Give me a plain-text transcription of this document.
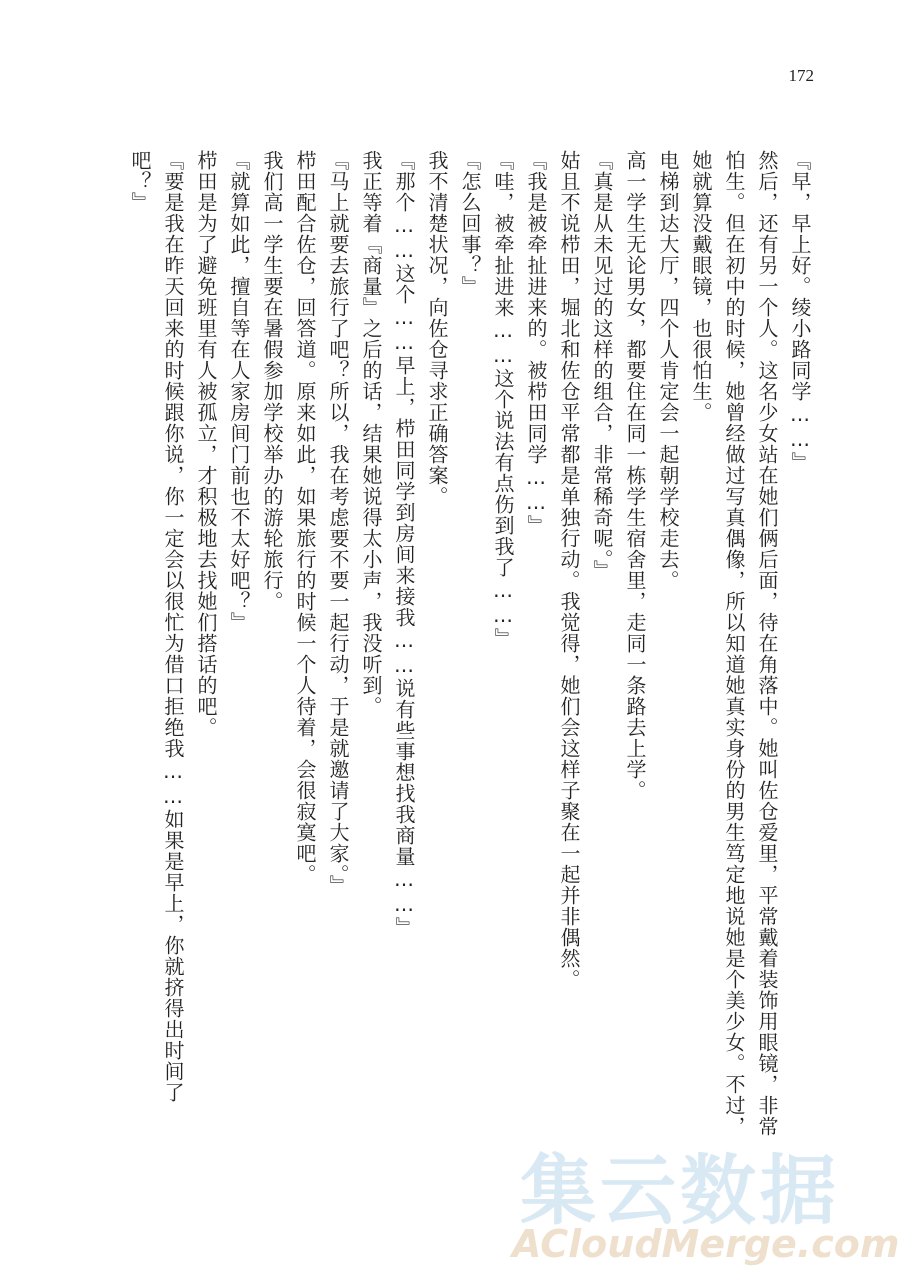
172

『早，早上好。绫小路同学……』

然后，还有另一个人。这名少女站在她们俩后面，待在角落中。她叫佐仓爱里，平常戴着装饰用眼镜，非常怕生。但在初中的时候，她曾经做过写真偶像，所以知道她真实身份的男生笃定地说她是个美少女。不过，她就算没戴眼镜，也很怕生。

电梯到达大厅，四个人肯定会一起朝学校走去。

高一学生无论男女，都要住在同一栋学生宿舍里，走同一条路去上学。

『真是从未见过的这样的组合，非常稀奇呢。』

姑且不说栉田，堀北和佐仓平常都是单独行动。我觉得，她们会这样子聚在一起并非偶然。

『我是被牵扯进来的。被栉田同学……』

『哇，被牵扯进来……这个说法有点伤到我了……』

『怎么回事？』

我不清楚状况，向佐仓寻求正确答案。

『那个……这个……早上，栉田同学到房间来接我……说有些事想找我商量……』

我正等着『商量』之后的话，结果她说得太小声，我没听到。

『马上就要去旅行了吧？所以，我在考虑要不要一起行动，于是就邀请了大家。』

栉田配合佐仓，回答道。原来如此，如果旅行的时候一个人待着，会很寂寞吧。

我们高一学生要在暑假参加学校举办的游轮旅行。

『就算如此，擅自等在人家房间门前也不太好吧？』

栉田是为了避免班里有人被孤立，才积极地去找她们搭话的吧。

『要是我在昨天回来的时候跟你说，你一定会以很忙为借口拒绝我……如果是早上，你就挤得出时间了吧？』

集云数据
ACloudMerge.com
